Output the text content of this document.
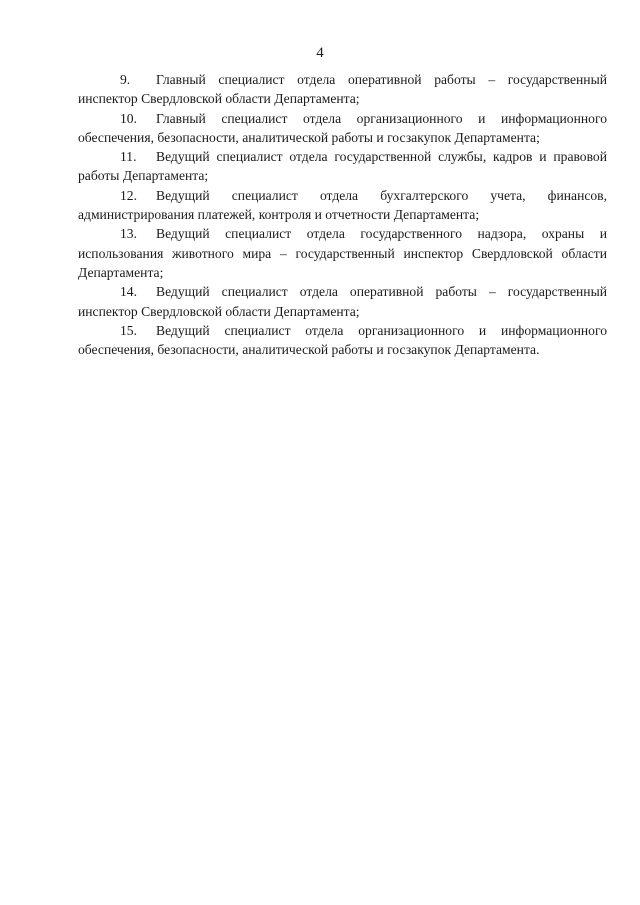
4

9. Главный специалист отдела оперативной работы – государственный инспектор Свердловской области Департамента;

10. Главный специалист отдела организационного и информационного обеспечения, безопасности, аналитической работы и госзакупок Департамента;

11. Ведущий специалист отдела государственной службы, кадров и правовой работы Департамента;

12. Ведущий специалист отдела бухгалтерского учета, финансов, администрирования платежей, контроля и отчетности Департамента;

13. Ведущий специалист отдела государственного надзора, охраны и использования животного мира – государственный инспектор Свердловской области Департамента;

14. Ведущий специалист отдела оперативной работы – государственный инспектор Свердловской области Департамента;

15. Ведущий специалист отдела организационного и информационного обеспечения, безопасности, аналитической работы и госзакупок Департамента.
